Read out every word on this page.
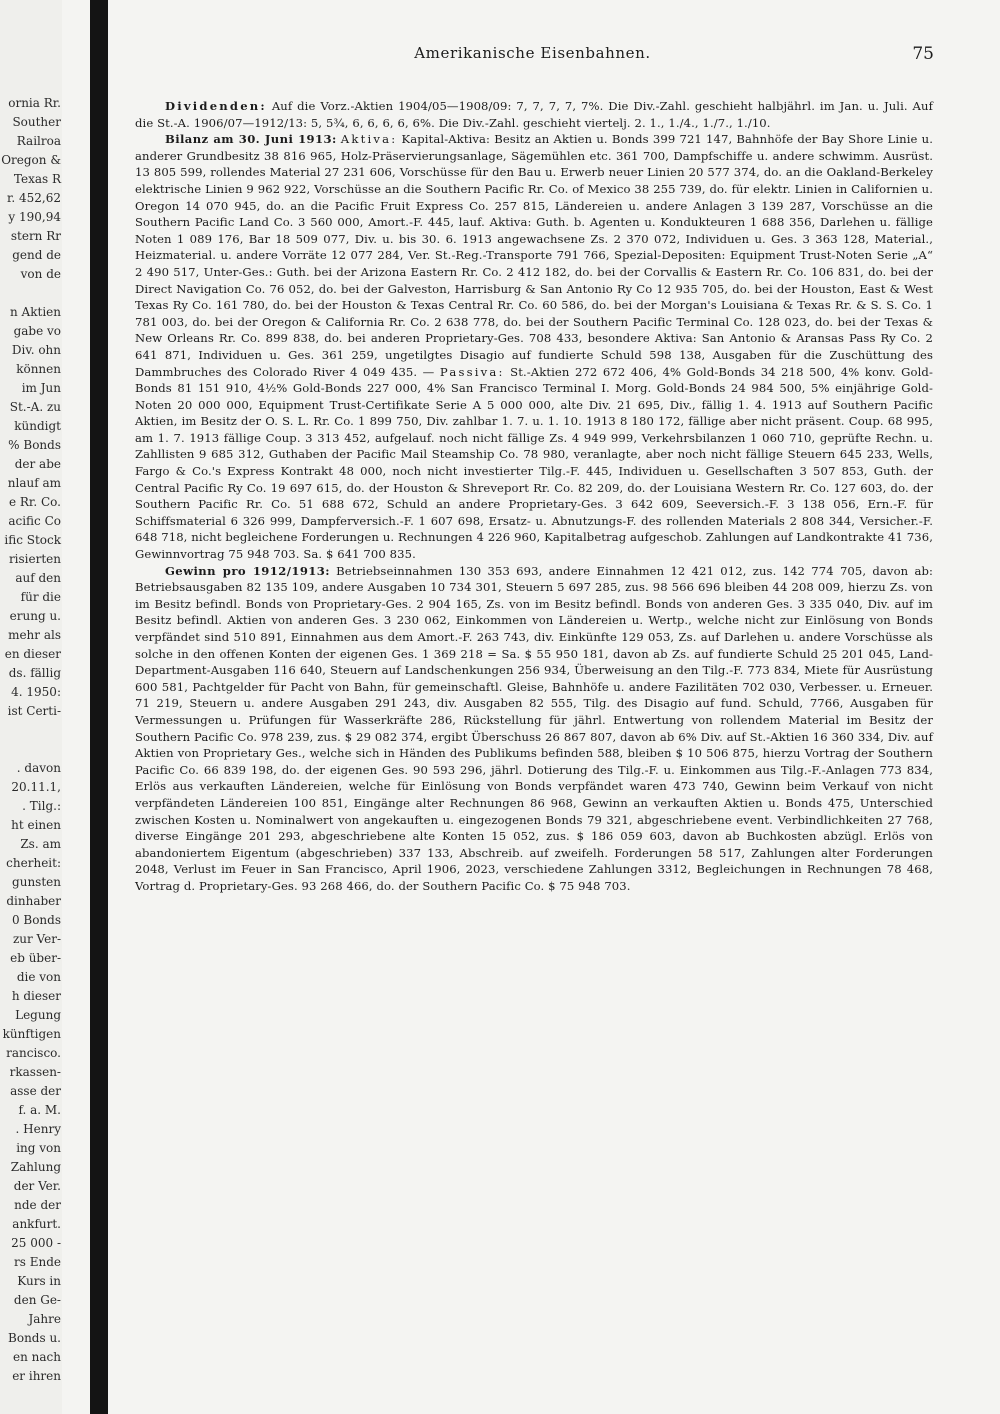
ornia Rr.
Souther
Railroa
Oregon &
Texas R
r. 452,62
y 190,94
stern Rr
gend de
von de
n Aktien
gabe vo
Div. ohn
können
im Jun
St.-A. zu
kündigt
% Bonds
der abe
nlauf am
e Rr. Co.
acific Co
ific Stock
risierten
auf den
für die
erung u.
mehr als
en dieser
ds. fällig
4. 1950:
ist Certi-
. davon
20.11.1,
. Tilg.:
ht einen
Zs. am
cherheit:
gunsten
dinhaber
0 Bonds
zur Ver-
eb über-
die von
h dieser
Legung
künftigen
rancisco.
rkassen-
asse der
f. a. M.
. Henry
ing von
Zahlung
der Ver.
nde der
ankfurt.
25 000 -
rs Ende
Kurs in
den Ge-
Jahre
Bonds u.
en nach
er ihren
Amerikanische Eisenbahnen.	75

Dividenden: Auf die Vorz.-Aktien 1904/05—1908/09: 7, 7, 7, 7, 7%. Die Div.-Zahl. geschieht halbjährl. im Jan. u. Juli. Auf die St.-A. 1906/07—1912/13: 5, 5¾, 6, 6, 6, 6, 6%. Die Div.-Zahl. geschieht viertelj. 2. 1., 1./4., 1./7., 1./10.

Bilanz am 30. Juni 1913: Aktiva: Kapital-Aktiva: Besitz an Aktien u. Bonds 399 721 147, Bahnhöfe der Bay Shore Linie u. anderer Grundbesitz 38 816 965, Holz-Präservierungsanlage, Sägemühlen etc. 361 700, Dampfschiffe u. andere schwimm. Ausrüst. 13 805 599, rollendes Material 27 231 606, Vorschüsse für den Bau u. Erwerb neuer Linien 20 577 374, do. an die Oakland-Berkeley elektrische Linien 9 962 922, Vorschüsse an die Southern Pacific Rr. Co. of Mexico 38 255 739, do. für elektr. Linien in Californien u. Oregon 14 070 945, do. an die Pacific Fruit Express Co. 257 815, Ländereien u. andere Anlagen 3 139 287, Vorschüsse an die Southern Pacific Land Co. 3 560 000, Amort.-F. 445, lauf. Aktiva: Guth. b. Agenten u. Kondukteuren 1 688 356, Darlehen u. fällige Noten 1 089 176, Bar 18 509 077, Div. u. bis 30. 6. 1913 angewachsene Zs. 2 370 072, Individuen u. Ges. 3 363 128, Material., Heizmaterial. u. andere Vorräte 12 077 284, Ver. St.-Reg.-Transporte 791 766, Spezial-Depositen: Equipment Trust-Noten Serie „A“ 2 490 517, Unter-Ges.: Guth. bei der Arizona Eastern Rr. Co. 2 412 182, do. bei der Corvallis & Eastern Rr. Co. 106 831, do. bei der Direct Navigation Co. 76 052, do. bei der Galveston, Harrisburg & San Antonio Ry Co 12 935 705, do. bei der Houston, East & West Texas Ry Co. 161 780, do. bei der Houston & Texas Central Rr. Co. 60 586, do. bei der Morgan's Louisiana & Texas Rr. & S. S. Co. 1 781 003, do. bei der Oregon & California Rr. Co. 2 638 778, do. bei der Southern Pacific Terminal Co. 128 023, do. bei der Texas & New Orleans Rr. Co. 899 838, do. bei anderen Proprietary-Ges. 708 433, besondere Aktiva: San Antonio & Aransas Pass Ry Co. 2 641 871, Individuen u. Ges. 361 259, ungetilgtes Disagio auf fundierte Schuld 598 138, Ausgaben für die Zuschüttung des Dammbruches des Colorado River 4 049 435. — Passiva: St.-Aktien 272 672 406, 4% Gold-Bonds 34 218 500, 4% konv. Gold-Bonds 81 151 910, 4½% Gold-Bonds 227 000, 4% San Francisco Terminal I. Morg. Gold-Bonds 24 984 500, 5% einjährige Gold-Noten 20 000 000, Equipment Trust-Certifikate Serie A 5 000 000, alte Div. 21 695, Div., fällig 1. 4. 1913 auf Southern Pacific Aktien, im Besitz der O. S. L. Rr. Co. 1 899 750, Div. zahlbar 1. 7. u. 1. 10. 1913 8 180 172, fällige aber nicht präsent. Coup. 68 995, am 1. 7. 1913 fällige Coup. 3 313 452, aufgelauf. noch nicht fällige Zs. 4 949 999, Verkehrsbilanzen 1 060 710, geprüfte Rechn. u. Zahllisten 9 685 312, Guthaben der Pacific Mail Steamship Co. 78 980, veranlagte, aber noch nicht fällige Steuern 645 233, Wells, Fargo & Co.'s Express Kontrakt 48 000, noch nicht investierter Tilg.-F. 445, Individuen u. Gesellschaften 3 507 853, Guth. der Central Pacific Ry Co. 19 697 615, do. der Houston & Shreveport Rr. Co. 82 209, do. der Louisiana Western Rr. Co. 127 603, do. der Southern Pacific Rr. Co. 51 688 672, Schuld an andere Proprietary-Ges. 3 642 609, Seeversich.-F. 3 138 056, Ern.-F. für Schiffsmaterial 6 326 999, Dampferversich.-F. 1 607 698, Ersatz- u. Abnutzungs-F. des rollenden Materials 2 808 344, Versicher.-F. 648 718, nicht begleichene Forderungen u. Rechnungen 4 226 960, Kapitalbetrag aufgeschob. Zahlungen auf Landkontrakte 41 736, Gewinnvortrag 75 948 703. Sa. $ 641 700 835.

Gewinn pro 1912/1913: Betriebseinnahmen 130 353 693, andere Einnahmen 12 421 012, zus. 142 774 705, davon ab: Betriebsausgaben 82 135 109, andere Ausgaben 10 734 301, Steuern 5 697 285, zus. 98 566 696 bleiben 44 208 009, hierzu Zs. von im Besitz befindl. Bonds von Proprietary-Ges. 2 904 165, Zs. von im Besitz befindl. Bonds von anderen Ges. 3 335 040, Div. auf im Besitz befindl. Aktien von anderen Ges. 3 230 062, Einkommen von Ländereien u. Wertp., welche nicht zur Einlösung von Bonds verpfändet sind 510 891, Einnahmen aus dem Amort.-F. 263 743, div. Einkünfte 129 053, Zs. auf Darlehen u. andere Vorschüsse als solche in den offenen Konten der eigenen Ges. 1 369 218 = Sa. $ 55 950 181, davon ab Zs. auf fundierte Schuld 25 201 045, Land-Department-Ausgaben 116 640, Steuern auf Landschenkungen 256 934, Überweisung an den Tilg.-F. 773 834, Miete für Ausrüstung 600 581, Pachtgelder für Pacht von Bahn, für gemeinschaftl. Gleise, Bahnhöfe u. andere Fazilitäten 702 030, Verbesser. u. Erneuer. 71 219, Steuern u. andere Ausgaben 291 243, div. Ausgaben 82 555, Tilg. des Disagio auf fund. Schuld, 7766, Ausgaben für Vermessungen u. Prüfungen für Wasserkräfte 286, Rückstellung für jährl. Entwertung von rollendem Material im Besitz der Southern Pacific Co. 978 239, zus. $ 29 082 374, ergibt Überschuss 26 867 807, davon ab 6% Div. auf St.-Aktien 16 360 334, Div. auf Aktien von Proprietary Ges., welche sich in Händen des Publikums befinden 588, bleiben $ 10 506 875, hierzu Vortrag der Southern Pacific Co. 66 839 198, do. der eigenen Ges. 90 593 296, jährl. Dotierung des Tilg.-F. u. Einkommen aus Tilg.-F.-Anlagen 773 834, Erlös aus verkauften Ländereien, welche für Einlösung von Bonds verpfändet waren 473 740, Gewinn beim Verkauf von nicht verpfändeten Ländereien 100 851, Eingänge alter Rechnungen 86 968, Gewinn an verkauften Aktien u. Bonds 475, Unterschied zwischen Kosten u. Nominalwert von angekauften u. eingezogenen Bonds 79 321, abgeschriebene event. Verbindlichkeiten 27 768, diverse Eingänge 201 293, abgeschriebene alte Konten 15 052, zus. $ 186 059 603, davon ab Buchkosten abzügl. Erlös von abandoniertem Eigentum (abgeschrieben) 337 133, Abschreib. auf zweifelh. Forderungen 58 517, Zahlungen alter Forderungen 2048, Verlust im Feuer in San Francisco, April 1906, 2023, verschiedene Zahlungen 3312, Begleichungen in Rechnungen 78 468, Vortrag d. Proprietary-Ges. 93 268 466, do. der Southern Pacific Co. $ 75 948 703.
